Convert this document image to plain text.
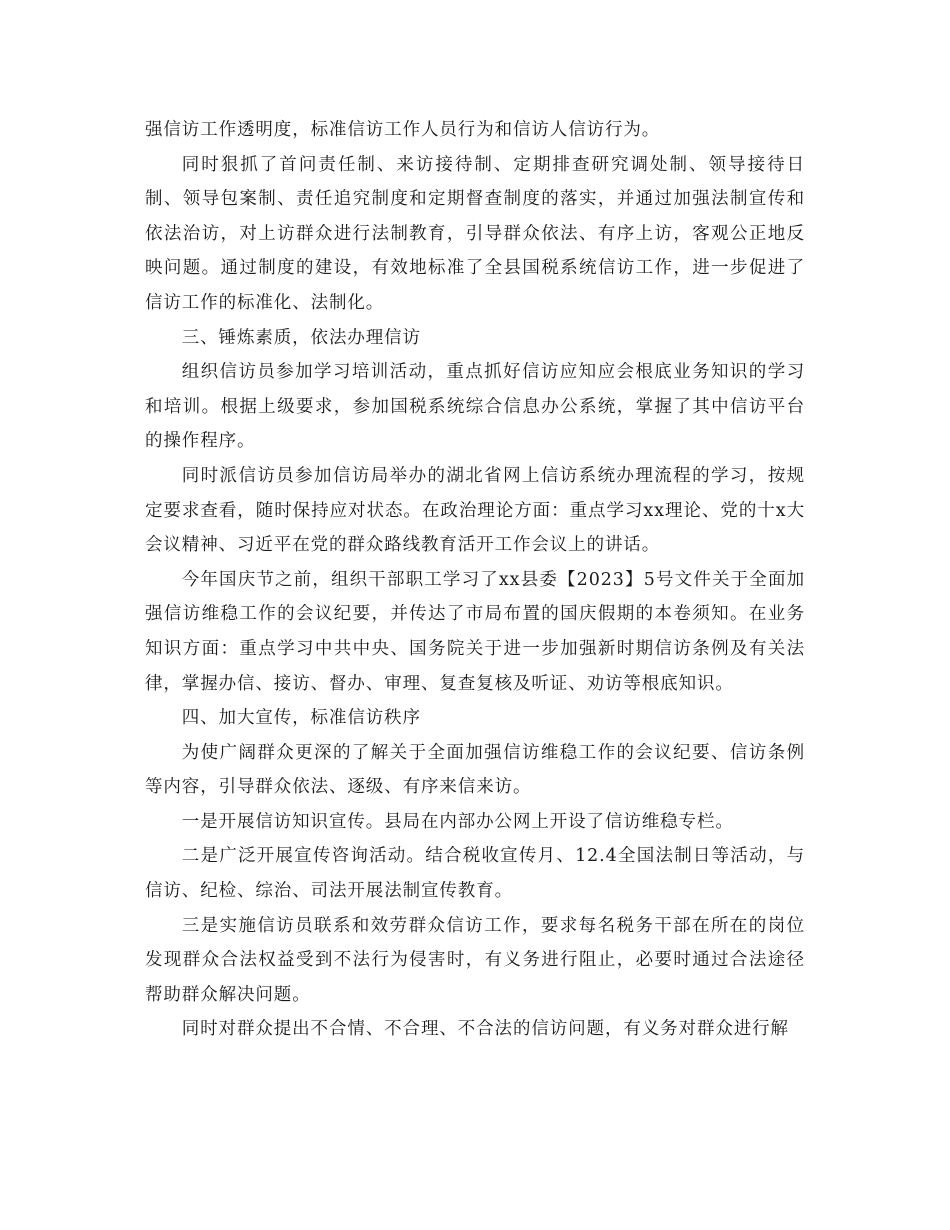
强信访工作透明度，标准信访工作人员行为和信访人信访行为。

同时狠抓了首问责任制、来访接待制、定期排查研究调处制、领导接待日制、领导包案制、责任追究制度和定期督查制度的落实，并通过加强法制宣传和依法治访，对上访群众进行法制教育，引导群众依法、有序上访，客观公正地反映问题。通过制度的建设，有效地标准了全县国税系统信访工作，进一步促进了信访工作的标准化、法制化。

三、锤炼素质，依法办理信访

组织信访员参加学习培训活动，重点抓好信访应知应会根底业务知识的学习和培训。根据上级要求，参加国税系统综合信息办公系统，掌握了其中信访平台的操作程序。

同时派信访员参加信访局举办的湖北省网上信访系统办理流程的学习，按规定要求查看，随时保持应对状态。在政治理论方面：重点学习xx理论、党的十x大会议精神、习近平在党的群众路线教育活开工作会议上的讲话。

今年国庆节之前，组织干部职工学习了xx县委【2023】5号文件关于全面加强信访维稳工作的会议纪要，并传达了市局布置的国庆假期的本卷须知。在业务知识方面：重点学习中共中央、国务院关于进一步加强新时期信访条例及有关法律，掌握办信、接访、督办、审理、复查复核及听证、劝访等根底知识。

四、加大宣传，标准信访秩序

为使广阔群众更深的了解关于全面加强信访维稳工作的会议纪要、信访条例等内容，引导群众依法、逐级、有序来信来访。

一是开展信访知识宣传。县局在内部办公网上开设了信访维稳专栏。

二是广泛开展宣传咨询活动。结合税收宣传月、12.4全国法制日等活动，与信访、纪检、综治、司法开展法制宣传教育。

三是实施信访员联系和效劳群众信访工作，要求每名税务干部在所在的岗位发现群众合法权益受到不法行为侵害时，有义务进行阻止，必要时通过合法途径帮助群众解决问题。

同时对群众提出不合情、不合理、不合法的信访问题，有义务对群众进行解
